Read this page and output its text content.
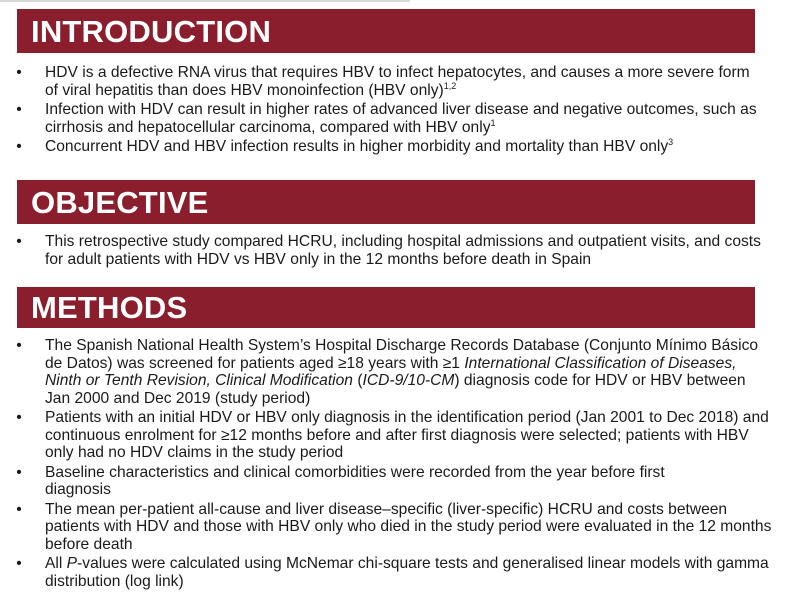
INTRODUCTION
• HDV is a defective RNA virus that requires HBV to infect hepatocytes, and causes a more severe form of viral hepatitis than does HBV monoinfection (HBV only)$^{1,2}$
• Infection with HDV can result in higher rates of advanced liver disease and negative outcomes, such as cirrhosis and hepatocellular carcinoma, compared with HBV only$^1$
• Concurrent HDV and HBV infection results in higher morbidity and mortality than HBV only$^3$
OBJECTIVE
• This retrospective study compared HCRU, including hospital admissions and outpatient visits, and costs for adult patients with HDV vs HBV only in the 12 months before death in Spain
METHODS
• The Spanish National Health System’s Hospital Discharge Records Database (Conjunto Mínimo Básico de Datos) was screened for patients aged ≥18 years with ≥1 International Classification of Diseases, Ninth or Tenth Revision, Clinical Modification (ICD-9/10-CM) diagnosis code for HDV or HBV between Jan 2000 and Dec 2019 (study period)
• Patients with an initial HDV or HBV only diagnosis in the identification period (Jan 2001 to Dec 2018) and continuous enrolment for ≥12 months before and after first diagnosis were selected; patients with HBV only had no HDV claims in the study period
• Baseline characteristics and clinical comorbidities were recorded from the year before first diagnosis
• The mean per-patient all-cause and liver disease–specific (liver-specific) HCRU and costs between patients with HDV and those with HBV only who died in the study period were evaluated in the 12 months before death
• All P-values were calculated using McNemar chi-square tests and generalised linear models with gamma distribution (log link)
